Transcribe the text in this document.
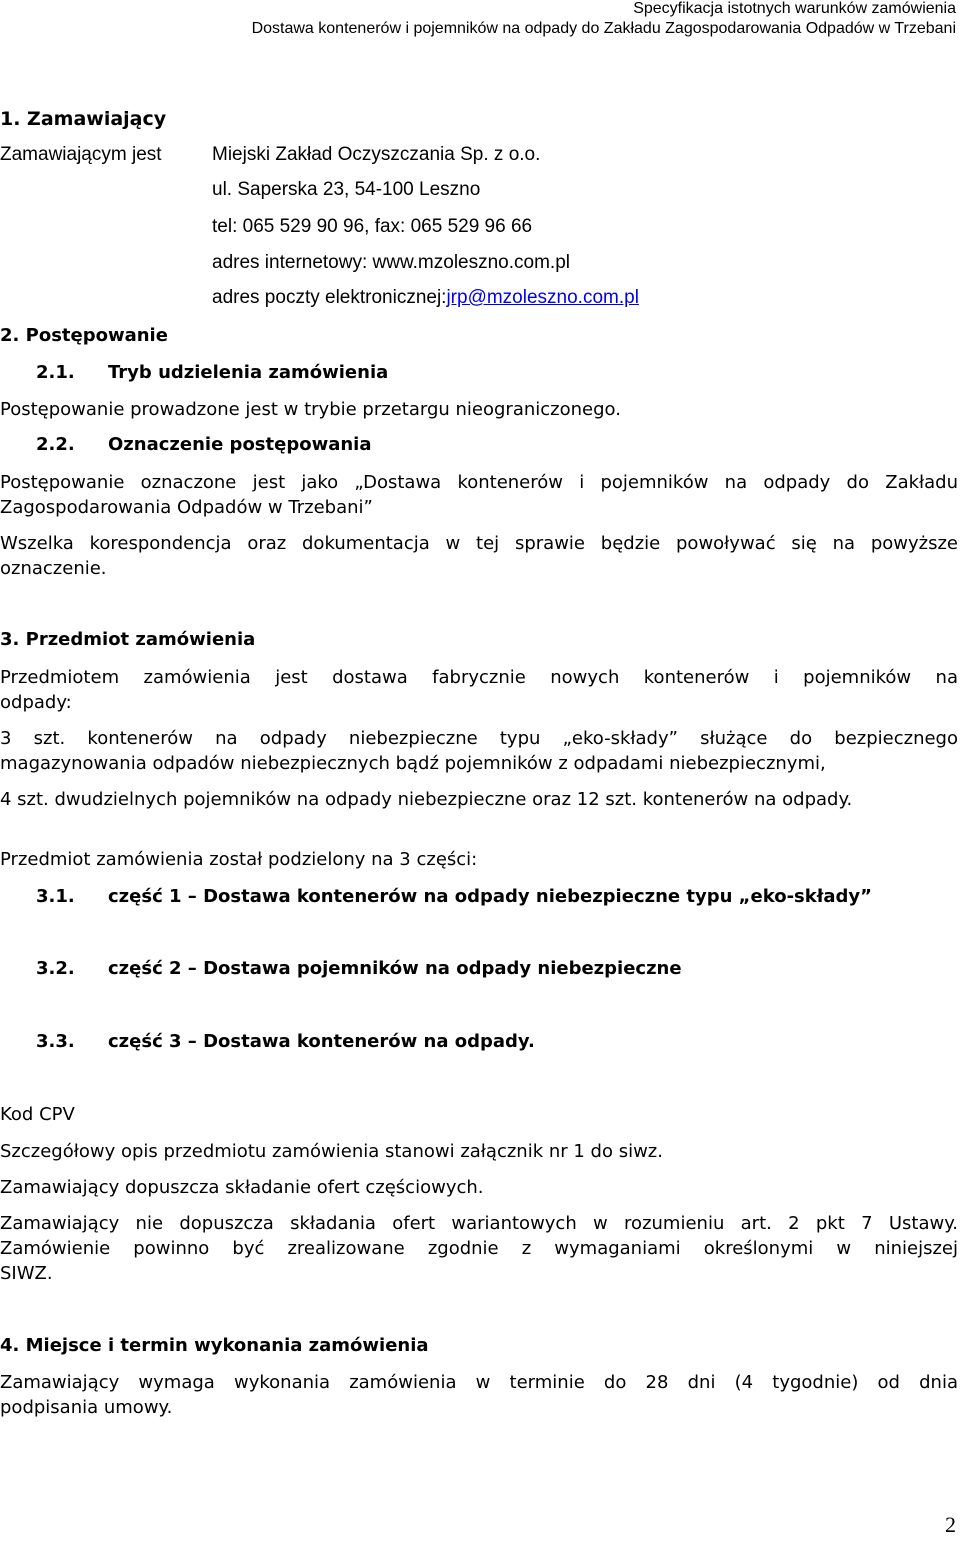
Specyfikacja istotnych warunków zamówienia
Dostawa kontenerów i pojemników na odpady do Zakładu Zagospodarowania Odpadów w Trzebani
1. Zamawiający
Zamawiającym jest	Miejski Zakład Oczyszczania Sp. z o.o.
ul. Saperska 23, 54-100 Leszno
tel: 065 529 90 96, fax: 065 529 96 66
adres internetowy: www.mzoleszno.com.pl
adres poczty elektronicznej:jrp@mzoleszno.com.pl
2. Postępowanie
2.1. Tryb udzielenia zamówienia
Postępowanie prowadzone jest w trybie przetargu nieograniczonego.
2.2. Oznaczenie postępowania
Postępowanie oznaczone jest jako „Dostawa kontenerów i pojemników na odpady do Zakładu
Zagospodarowania Odpadów w Trzebani”
Wszelka korespondencja oraz dokumentacja w tej sprawie będzie powoływać się na powyższe
oznaczenie.
3. Przedmiot zamówienia
Przedmiotem zamówienia jest dostawa fabrycznie nowych kontenerów i pojemników na
odpady:
3 szt. kontenerów na odpady niebezpieczne typu „eko-składy” służące do bezpiecznego
magazynowania odpadów niebezpiecznych bądź pojemników z odpadami niebezpiecznymi,
4 szt. dwudzielnych pojemników na odpady niebezpieczne oraz 12 szt. kontenerów na odpady.
Przedmiot zamówienia został podzielony na 3 części:
3.1. część 1 – Dostawa kontenerów na odpady niebezpieczne typu „eko-składy”
3.2. część 2 – Dostawa pojemników na odpady niebezpieczne
3.3. część 3 – Dostawa kontenerów na odpady.
Kod CPV
Szczegółowy opis przedmiotu zamówienia stanowi załącznik nr 1 do siwz.
Zamawiający dopuszcza składanie ofert częściowych.
Zamawiający nie dopuszcza składania ofert wariantowych w rozumieniu art. 2 pkt 7 Ustawy.
Zamówienie powinno być zrealizowane zgodnie z wymaganiami określonymi w niniejszej
SIWZ.
4. Miejsce i termin wykonania zamówienia
Zamawiający wymaga wykonania zamówienia w terminie do 28 dni (4 tygodnie) od dnia
podpisania umowy.
2
